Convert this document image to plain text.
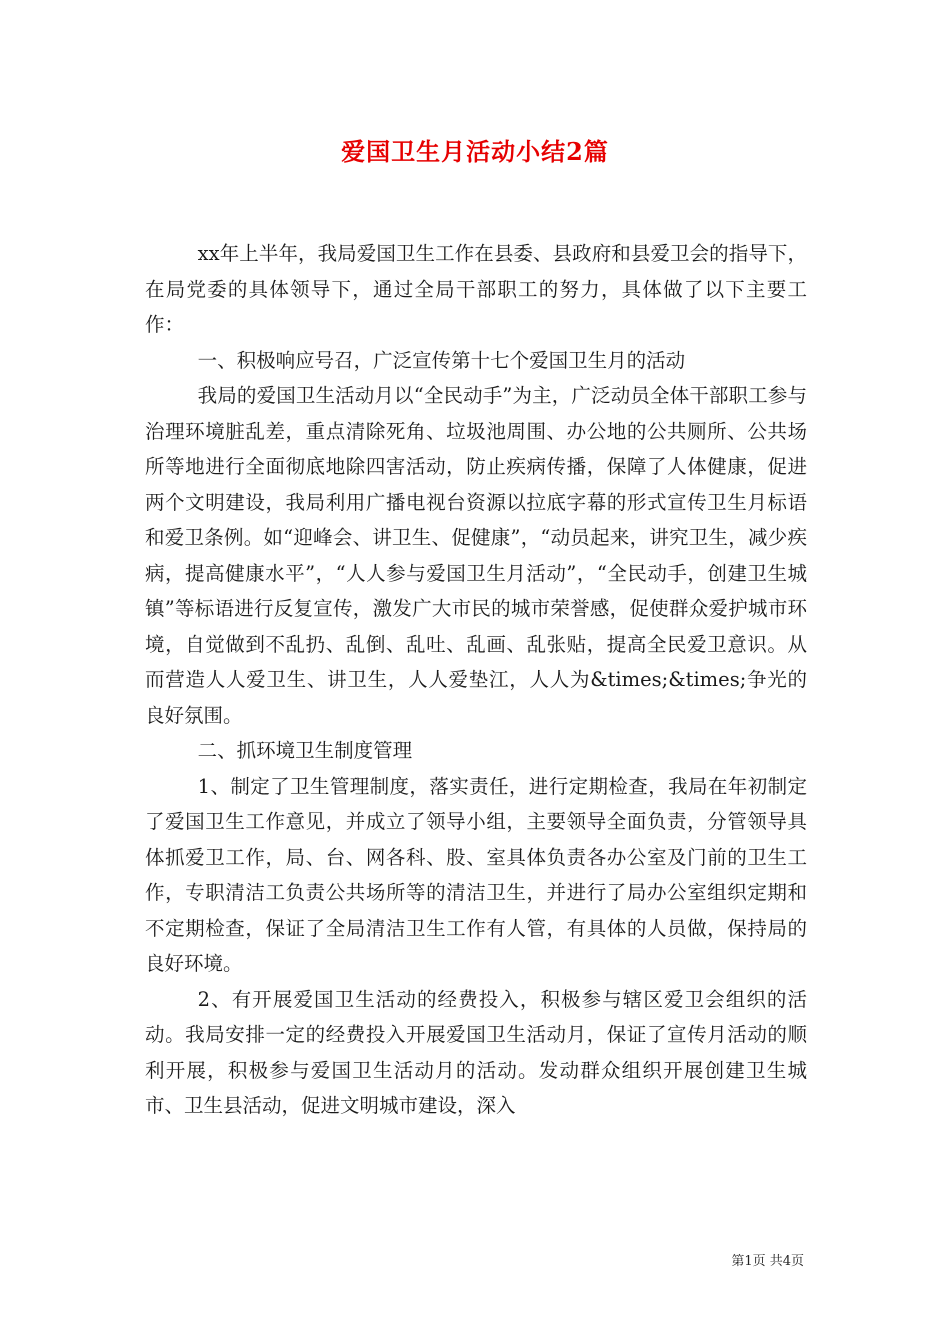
爱国卫生月活动小结2篇

xx年上半年，我局爱国卫生工作在县委、县政府和县爱卫会的指导下，在局党委的具体领导下，通过全局干部职工的努力，具体做了以下主要工作：

一、积极响应号召，广泛宣传第十七个爱国卫生月的活动

我局的爱国卫生活动月以“全民动手”为主，广泛动员全体干部职工参与治理环境脏乱差，重点清除死角、垃圾池周围、办公地的公共厕所、公共场所等地进行全面彻底地除四害活动，防止疾病传播，保障了人体健康，促进两个文明建设，我局利用广播电视台资源以拉底字幕的形式宣传卫生月标语和爱卫条例。如“迎峰会、讲卫生、促健康”，“动员起来，讲究卫生，减少疾病，提高健康水平”，“人人参与爱国卫生月活动”，“全民动手，创建卫生城镇”等标语进行反复宣传，激发广大市民的城市荣誉感，促使群众爱护城市环境，自觉做到不乱扔、乱倒、乱吐、乱画、乱张贴，提高全民爱卫意识。从而营造人人爱卫生、讲卫生，人人爱垫江，人人为&times;&times;争光的良好氛围。

二、抓环境卫生制度管理

1、制定了卫生管理制度，落实责任，进行定期检查，我局在年初制定了爱国卫生工作意见，并成立了领导小组，主要领导全面负责，分管领导具体抓爱卫工作，局、台、网各科、股、室具体负责各办公室及门前的卫生工作，专职清洁工负责公共场所等的清洁卫生，并进行了局办公室组织定期和不定期检查，保证了全局清洁卫生工作有人管，有具体的人员做，保持局的良好环境。

2、有开展爱国卫生活动的经费投入，积极参与辖区爱卫会组织的活动。我局安排一定的经费投入开展爱国卫生活动月，保证了宣传月活动的顺利开展，积极参与爱国卫生活动月的活动。发动群众组织开展创建卫生城市、卫生县活动，促进文明城市建设，深入

第1页 共4页
